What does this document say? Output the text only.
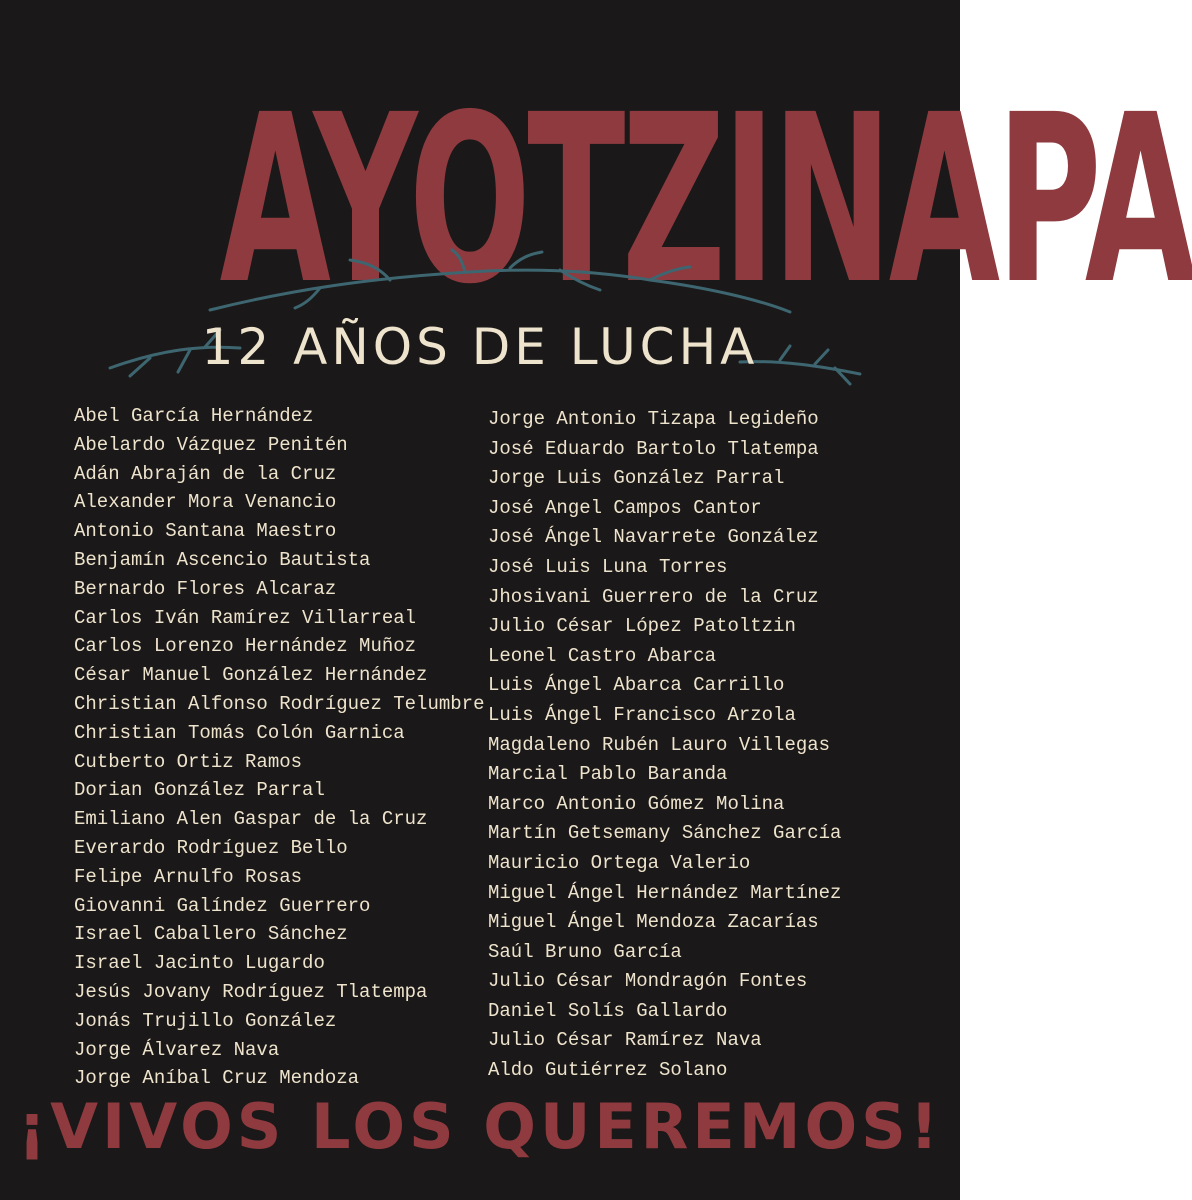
AYOTZINAPA
12 AÑOS DE LUCHA
Abel García Hernández
Abelardo Vázquez Penitén
Adán Abraján de la Cruz
Alexander Mora Venancio
Antonio Santana Maestro
Benjamín Ascencio Bautista
Bernardo Flores Alcaraz
Carlos Iván Ramírez Villarreal
Carlos Lorenzo Hernández Muñoz
César Manuel González Hernández
Christian Alfonso Rodríguez Telumbre
Christian Tomás Colón Garnica
Cutberto Ortiz Ramos
Dorian González Parral
Emiliano Alen Gaspar de la Cruz
Everardo Rodríguez Bello
Felipe Arnulfo Rosas
Giovanni Galíndez Guerrero
Israel Caballero Sánchez
Israel Jacinto Lugardo
Jesús Jovany Rodríguez Tlatempa
Jonás Trujillo González
Jorge Álvarez Nava
Jorge Aníbal Cruz Mendoza
Jorge Antonio Tizapa Legideño
José Eduardo Bartolo Tlatempa
Jorge Luis González Parral
José Angel Campos Cantor
José Ángel Navarrete González
José Luis Luna Torres
Jhosivani Guerrero de la Cruz
Julio César López Patoltzin
Leonel Castro Abarca
Luis Ángel Abarca Carrillo
Luis Ángel Francisco Arzola
Magdaleno Rubén Lauro Villegas
Marcial Pablo Baranda
Marco Antonio Gómez Molina
Martín Getsemany Sánchez García
Mauricio Ortega Valerio
Miguel Ángel Hernández Martínez
Miguel Ángel Mendoza Zacarías
Saúl Bruno García
Julio César Mondragón Fontes
Daniel Solís Gallardo
Julio César Ramírez Nava
Aldo Gutiérrez Solano
¡VIVOS LOS QUEREMOS!
